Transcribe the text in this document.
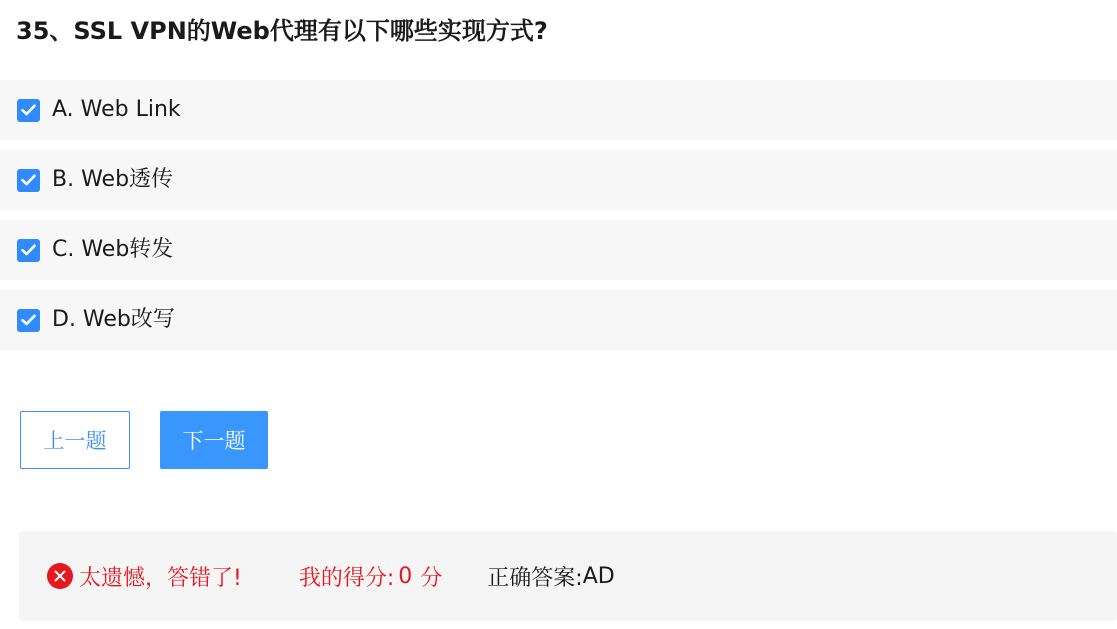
35、SSL VPN的Web代理有以下哪些实现方式?
A. Web Link
B. Web透传
C. Web转发
D. Web改写
上一题	下一题
太遗憾，答错了!	我的得分: 0 分 正确答案: AD
